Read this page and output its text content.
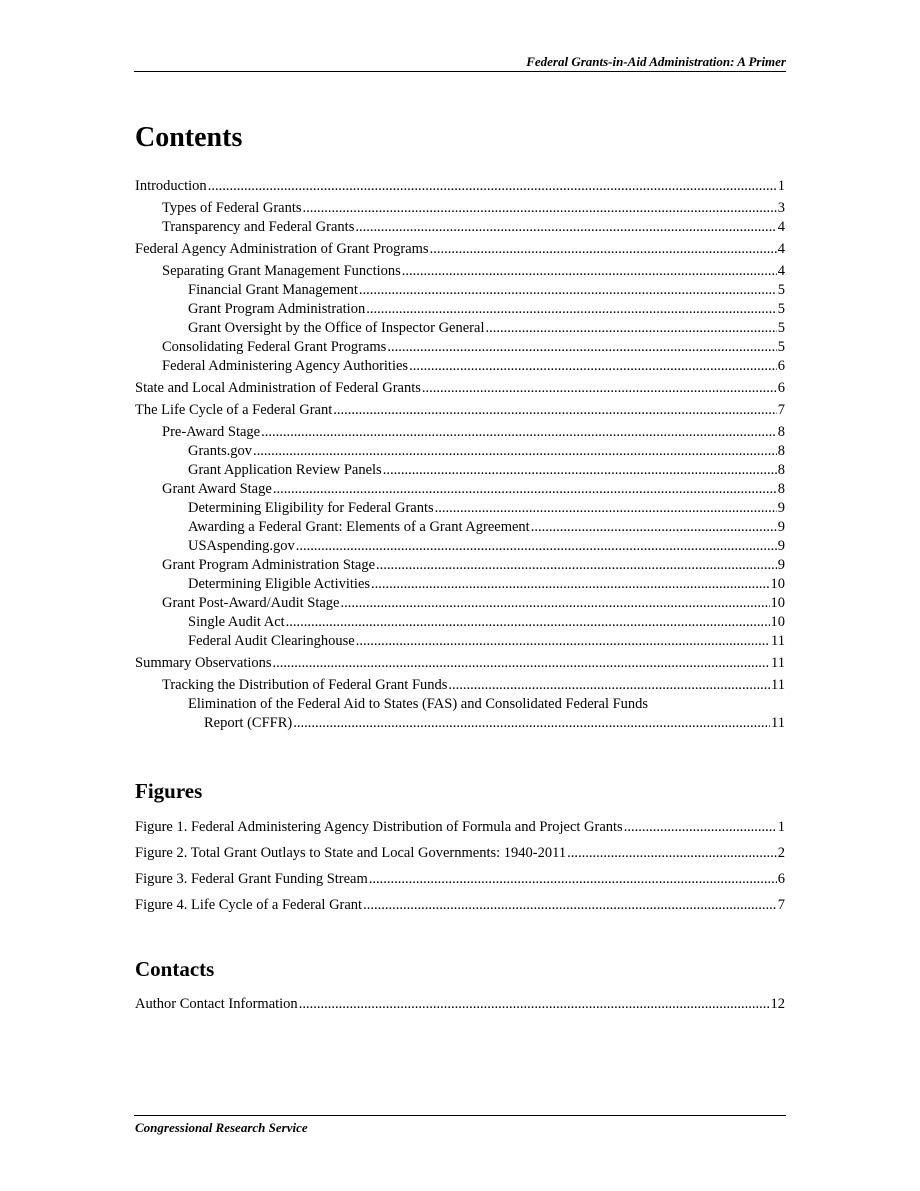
Federal Grants-in-Aid Administration: A Primer
Contents
Introduction .....	1
Types of Federal Grants .....	3
Transparency and Federal Grants .....	4
Federal Agency Administration of Grant Programs .....	4
Separating Grant Management Functions .....	4
Financial Grant Management .....	5
Grant Program Administration .....	5
Grant Oversight by the Office of Inspector General .....	5
Consolidating Federal Grant Programs .....	5
Federal Administering Agency Authorities .....	6
State and Local Administration of Federal Grants .....	6
The Life Cycle of a Federal Grant .....	7
Pre-Award Stage .....	8
Grants.gov .....	8
Grant Application Review Panels .....	8
Grant Award Stage .....	8
Determining Eligibility for Federal Grants .....	9
Awarding a Federal Grant: Elements of a Grant Agreement .....	9
USAspending.gov .....	9
Grant Program Administration Stage .....	9
Determining Eligible Activities .....	10
Grant Post-Award/Audit Stage .....	10
Single Audit Act .....	10
Federal Audit Clearinghouse .....	11
Summary Observations .....	11
Tracking the Distribution of Federal Grant Funds .....	11
Elimination of the Federal Aid to States (FAS) and Consolidated Federal Funds
Report (CFFR) .....	11
Figures
Figure 1. Federal Administering Agency Distribution of Formula and Project Grants .....	1
Figure 2. Total Grant Outlays to State and Local Governments: 1940-2011 .....	2
Figure 3. Federal Grant Funding Stream .....	6
Figure 4. Life Cycle of a Federal Grant .....	7
Contacts
Author Contact Information .....	12
Congressional Research Service
